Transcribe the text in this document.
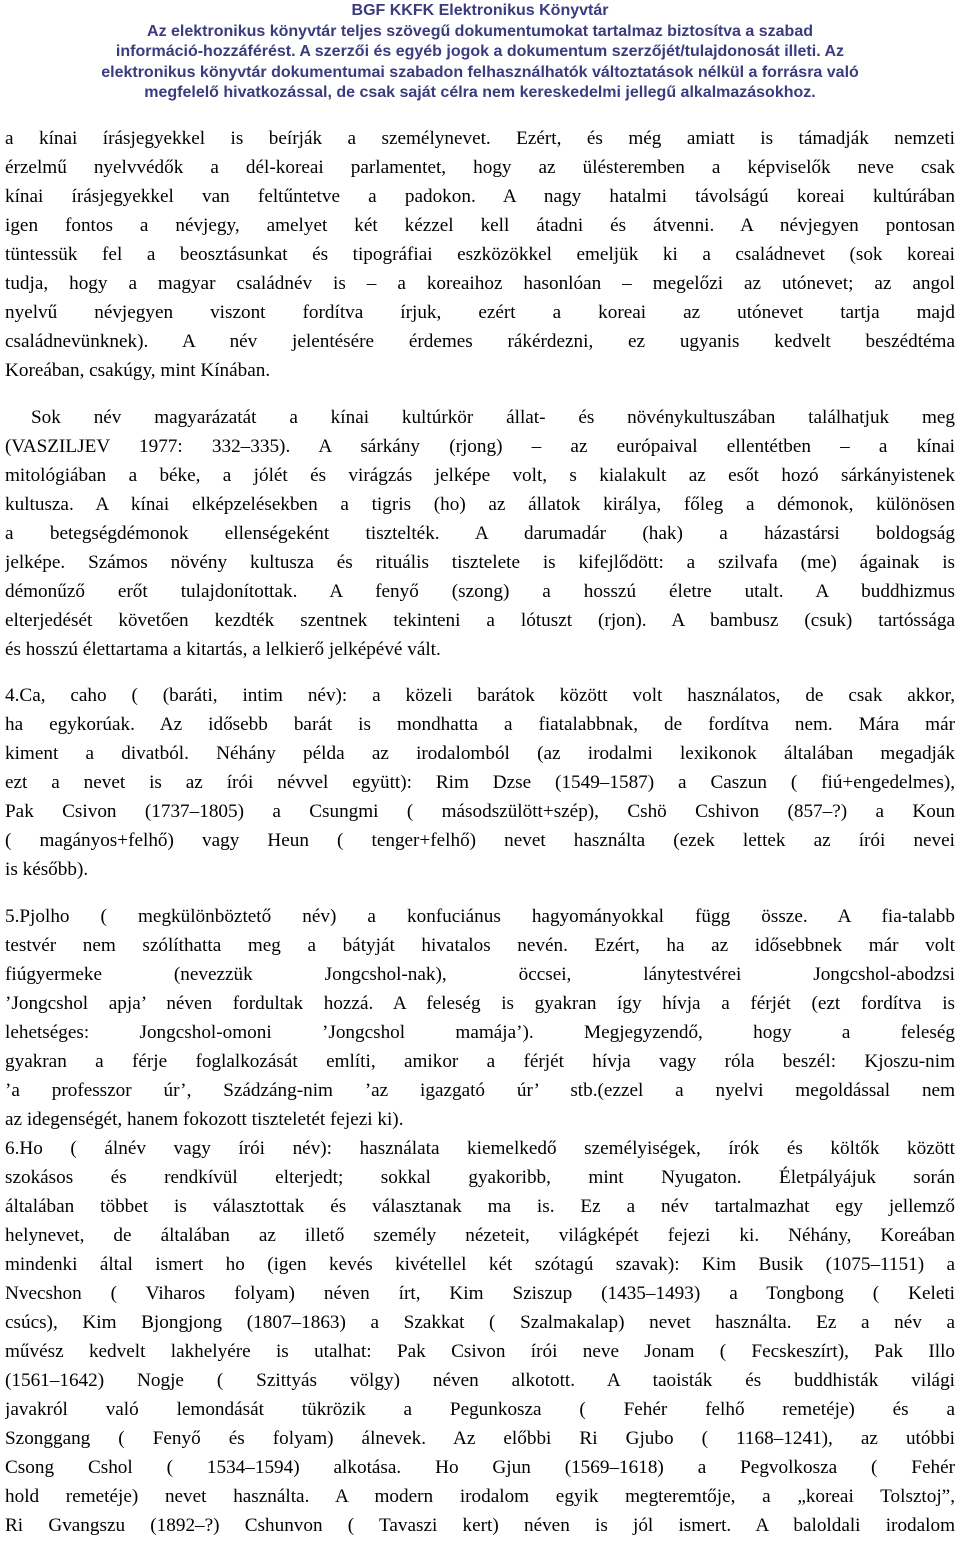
BGF KKFK Elektronikus Könyvtár
Az elektronikus könyvtár teljes szövegű dokumentumokat tartalmaz biztosítva a szabad
információ-hozzáférést. A szerzői és egyéb jogok a dokumentum szerzőjét/tulajdonosát illeti. Az
elektronikus könyvtár dokumentumai szabadon felhasználhatók változtatások nélkül a forrásra való
megfelelő hivatkozással, de csak saját célra nem kereskedelmi jellegű alkalmazásokhoz.
a kínai írásjegyekkel is beírják a személynevet. Ezért, és még amiatt is támadják nemzeti
érzelmű nyelvvédők a dél-koreai parlamentet, hogy az ülésteremben a képviselők neve csak
kínai írásjegyekkel van feltűntetve a padokon. A nagy hatalmi távolságú koreai kultúrában
igen fontos a névjegy, amelyet két kézzel kell átadni és átvenni. A névjegyen pontosan
tüntessük fel a beosztásunkat és tipográfiai eszközökkel emeljük ki a családnevet (sok koreai
tudja, hogy a magyar családnév is – a koreaihoz hasonlóan – megelőzi az utónevet; az angol
nyelvű névjegyen viszont fordítva írjuk, ezért a koreai az utónevet tartja majd
családnevünknek). A név jelentésére érdemes rákérdezni, ez ugyanis kedvelt beszédtéma
Koreában, csakúgy, mint Kínában.
Sok név magyarázatát a kínai kultúrkör állat- és növénykultuszában találhatjuk meg
(VASZILJEV 1977: 332–335). A sárkány (rjong) – az európaival ellentétben – a kínai
mitológiában a béke, a jólét és virágzás jelképe volt, s kialakult az esőt hozó sárkányistenek
kultusza. A kínai elképzelésekben a tigris (ho) az állatok királya, főleg a démonok, különösen
a betegségdémonok ellenségeként tisztelték. A darumadár (hak) a házastársi boldogság
jelképe. Számos növény kultusza és rituális tisztelete is kifejlődött: a szilvafa (me) ágainak is
démonűző erőt tulajdonítottak. A fenyő (szong) a hosszú életre utalt. A buddhizmus
elterjedését követően kezdték szentnek tekinteni a lótuszt (rjon). A bambusz (csuk) tartóssága
és hosszú élettartama a kitartás, a lelkierő jelképévé vált.
4.Ca, caho ( (baráti, intim név): a közeli barátok között volt használatos, de csak akkor,
ha egykorúak. Az idősebb barát is mondhatta a fiatalabbnak, de fordítva nem. Mára már
kiment a divatból. Néhány példa az irodalomból (az irodalmi lexikonok általában megadják
ezt a nevet is az írói névvel együtt): Rim Dzse (1549–1587) a Caszun ( fiú+engedelmes),
Pak Csivon (1737–1805) a Csungmi ( másodszülött+szép), Cshö Cshivon (857–?) a Koun
( magányos+felhő) vagy Heun ( tenger+felhő) nevet használta (ezek lettek az írói nevei
is később).
5.Pjolho ( megkülönböztető név) a konfuciánus hagyományokkal függ össze. A fia-talabb
testvér nem szólíthatta meg a bátyját hivatalos nevén. Ezért, ha az idősebbnek már volt
fiúgyermeke (nevezzük Jongcshol-nak), öccsei, lánytestvérei Jongcshol-abodzsi
’Jongcshol apja’ néven fordultak hozzá. A feleség is gyakran így hívja a férjét (ezt fordítva is
lehetséges: Jongcshol-omoni ’Jongcshol mamája’). Megjegyzendő, hogy a feleség
gyakran a férje foglalkozását említi, amikor a férjét hívja vagy róla beszél: Kjoszu-nim
’a professzor úr’, Szádzáng-nim ’az igazgató úr’ stb.(ezzel a nyelvi megoldással nem
az idegenségét, hanem fokozott tiszteletét fejezi ki).
6.Ho ( álnév vagy írói név): használata kiemelkedő személyiségek, írók és költők között
szokásos és rendkívül elterjedt; sokkal gyakoribb, mint Nyugaton. Életpályájuk során
általában többet is választottak és választanak ma is. Ez a név tartalmazhat egy jellemző
helynevet, de általában az illető személy nézeteit, világképét fejezi ki. Néhány, Koreában
mindenki által ismert ho (igen kevés kivétellel két szótagú szavak): Kim Busik (1075–1151) a
Nvecshon ( Viharos folyam) néven írt, Kim Sziszup (1435–1493) a Tongbong ( Keleti
csúcs), Kim Bjongjong (1807–1863) a Szakkat ( Szalmakalap) nevet használta. Ez a név a
művész kedvelt lakhelyére is utalhat: Pak Csivon írói neve Jonam ( Fecskeszírt), Pak Illo
(1561–1642) Nogje ( Szittyás völgy) néven alkotott. A taoisták és buddhisták világi
javakról való lemondását tükrözik a Pegunkosza ( Fehér felhő remetéje) és a
Szonggang ( Fenyő és folyam) álnevek. Az előbbi Ri Gjubo ( 1168–1241), az utóbbi
Csong Cshol ( 1534–1594) alkotása. Ho Gjun (1569–1618) a Pegvolkosza ( Fehér
hold remetéje) nevet használta. A modern irodalom egyik megteremtője, a „koreai Tolsztoj”,
Ri Gvangszu (1892–?) Cshunvon ( Tavaszi kert) néven is jól ismert. A baloldali irodalom
